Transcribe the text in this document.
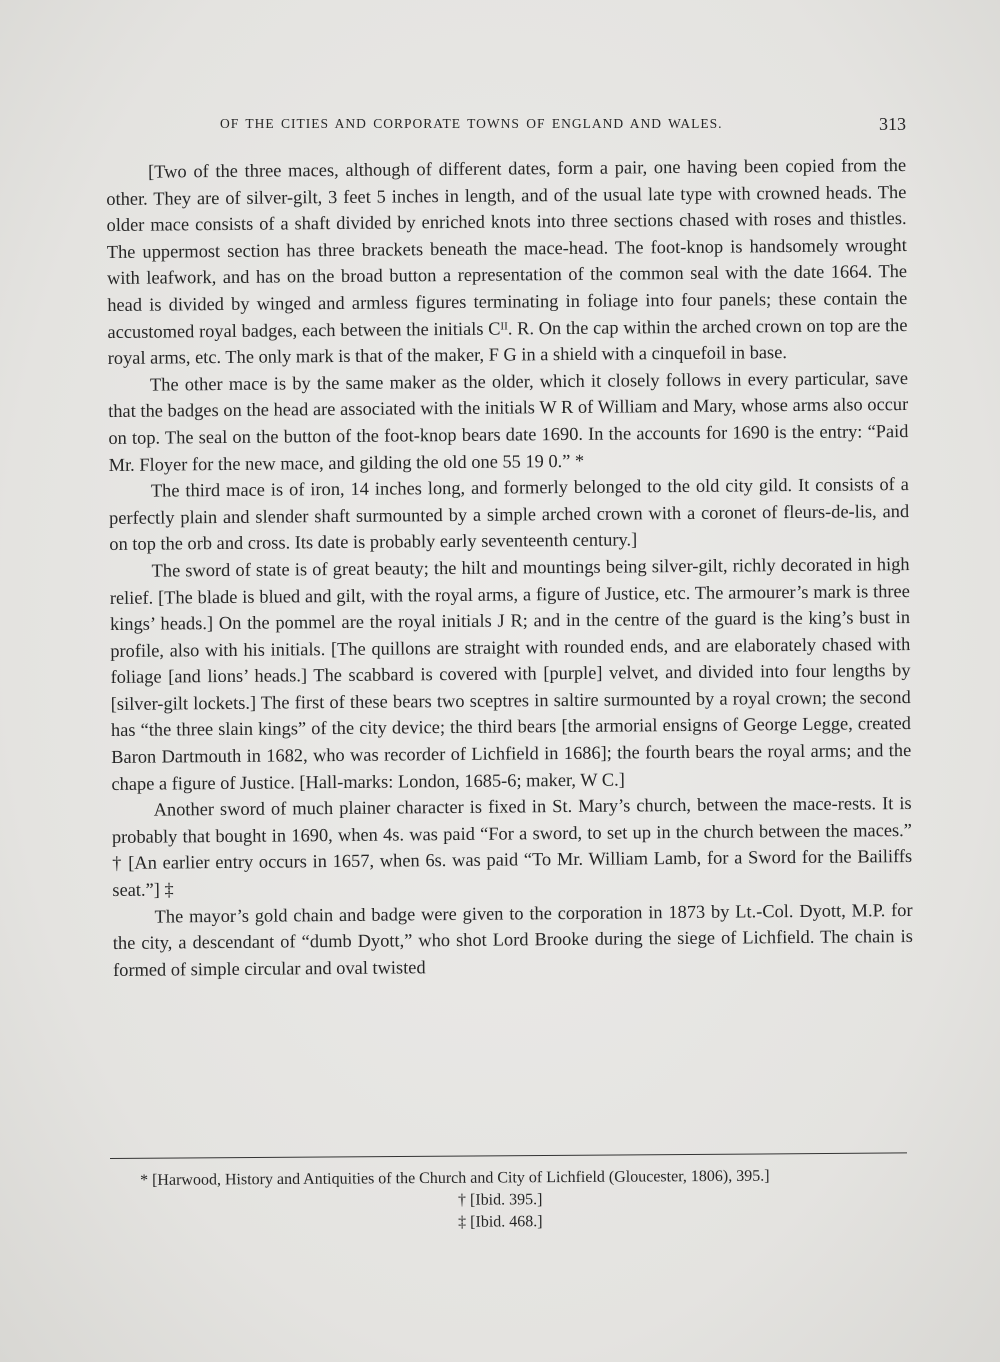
OF THE CITIES AND CORPORATE TOWNS OF ENGLAND AND WALES.	313

[Two of the three maces, although of different dates, form a pair, one having been copied from the other. They are of silver-gilt, 3 feet 5 inches in length, and of the usual late type with crowned heads. The older mace consists of a shaft divided by enriched knots into three sections chased with roses and thistles. The uppermost section has three brackets beneath the mace-head. The foot-knop is handsomely wrought with leafwork, and has on the broad button a representation of the common seal with the date 1664. The head is divided by winged and armless figures terminating in foliage into four panels; these contain the accustomed royal badges, each between the initials Cᴵᴵ. R. On the cap within the arched crown on top are the royal arms, etc. The only mark is that of the maker, F G in a shield with a cinquefoil in base.

The other mace is by the same maker as the older, which it closely follows in every particular, save that the badges on the head are associated with the initials W R of William and Mary, whose arms also occur on top. The seal on the button of the foot-knop bears date 1690. In the accounts for 1690 is the entry: “Paid Mr. Floyer for the new mace, and gilding the old one 55 19 0.” *

The third mace is of iron, 14 inches long, and formerly belonged to the old city gild. It consists of a perfectly plain and slender shaft surmounted by a simple arched crown with a coronet of fleurs-de-lis, and on top the orb and cross. Its date is probably early seventeenth century.]

The sword of state is of great beauty; the hilt and mountings being silver-gilt, richly decorated in high relief. [The blade is blued and gilt, with the royal arms, a figure of Justice, etc. The armourer’s mark is three kings’ heads.] On the pommel are the royal initials J R; and in the centre of the guard is the king’s bust in profile, also with his initials. [The quillons are straight with rounded ends, and are elaborately chased with foliage [and lions’ heads.] The scabbard is covered with [purple] velvet, and divided into four lengths by [silver-gilt lockets.] The first of these bears two sceptres in saltire surmounted by a royal crown; the second has “the three slain kings” of the city device; the third bears [the armorial ensigns of George Legge, created Baron Dartmouth in 1682, who was recorder of Lichfield in 1686]; the fourth bears the royal arms; and the chape a figure of Justice. [Hall-marks: London, 1685-6; maker, W C.]

Another sword of much plainer character is fixed in St. Mary’s church, between the mace-rests. It is probably that bought in 1690, when 4s. was paid “For a sword, to set up in the church between the maces.” † [An earlier entry occurs in 1657, when 6s. was paid “To Mr. William Lamb, for a Sword for the Bailiffs seat.”] ‡

The mayor’s gold chain and badge were given to the corporation in 1873 by Lt.-Col. Dyott, M.P. for the city, a descendant of “dumb Dyott,” who shot Lord Brooke during the siege of Lichfield. The chain is formed of simple circular and oval twisted

* [Harwood, History and Antiquities of the Church and City of Lichfield (Gloucester, 1806), 395.]

† [Ibid. 395.]

‡ [Ibid. 468.]
